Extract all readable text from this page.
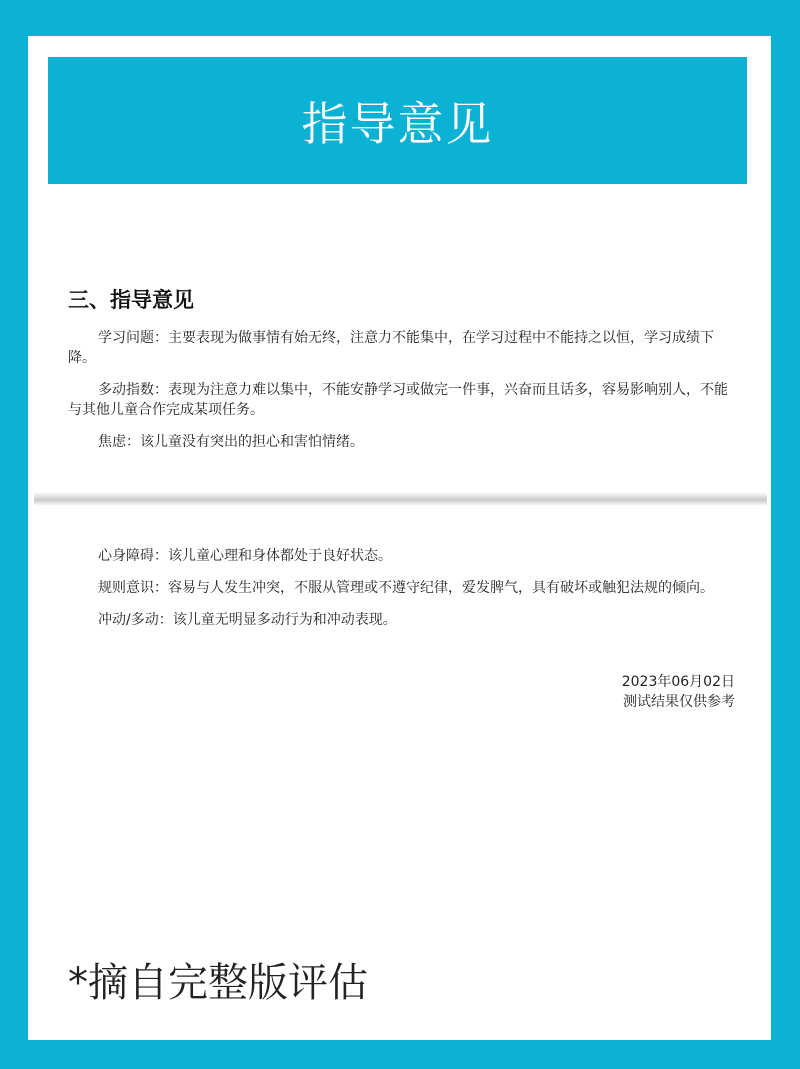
指导意见
三、指导意见

学习问题：主要表现为做事情有始无终，注意力不能集中，在学习过程中不能持之以恒，学习成绩下降。

多动指数：表现为注意力难以集中，不能安静学习或做完一件事，兴奋而且话多，容易影响别人，不能与其他儿童合作完成某项任务。

焦虑：该儿童没有突出的担心和害怕情绪。

心身障碍：该儿童心理和身体都处于良好状态。

规则意识：容易与人发生冲突，不服从管理或不遵守纪律，爱发脾气，具有破坏或触犯法规的倾向。

冲动/多动：该儿童无明显多动行为和冲动表现。

2023年06月02日
测试结果仅供参考
*摘自完整版评估
